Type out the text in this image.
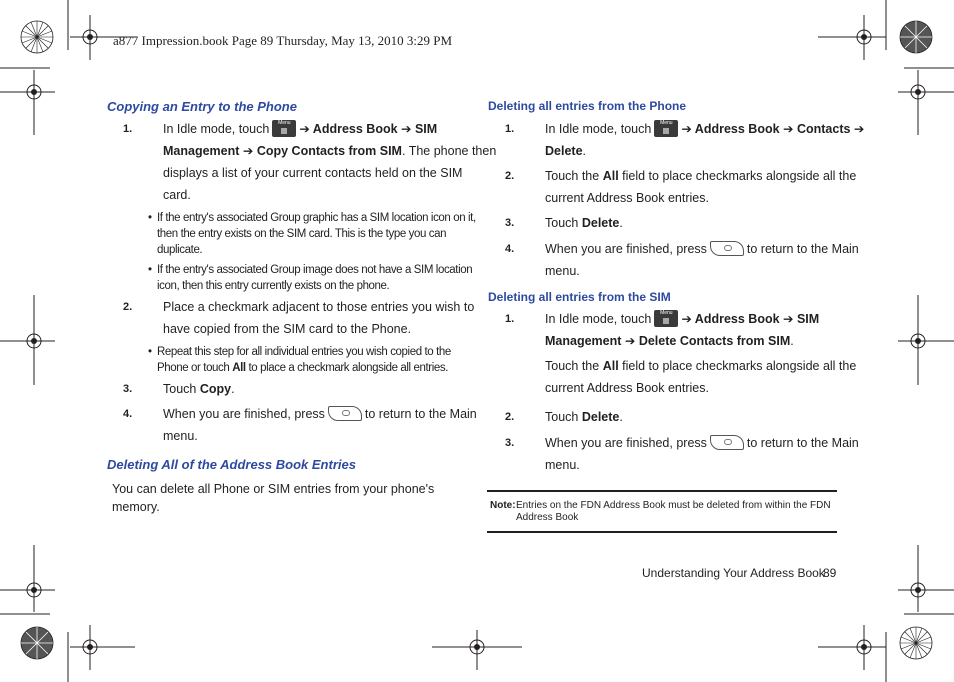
a877 Impression.book Page 89 Thursday, May 13, 2010 3:29 PM
Copying an Entry to the Phone
1. In Idle mode, touch Menu ➔ Address Book ➔ SIM
Management ➔ Copy Contacts from SIM. The phone then
displays a list of your current contacts held on the SIM
card.
• If the entry's associated Group graphic has a SIM location icon on it,
then the entry exists on the SIM card. This is the type you can
duplicate.
• If the entry's associated Group image does not have a SIM location
icon, then this entry currently exists on the phone.
2. Place a checkmark adjacent to those entries you wish to
have copied from the SIM card to the Phone.
• Repeat this step for all individual entries you wish copied to the
Phone or touch All to place a checkmark alongside all entries.
3. Touch Copy.
4. When you are finished, press	to return to the Main
menu.
Deleting All of the Address Book Entries
You can delete all Phone or SIM entries from your phone's
memory.
Deleting all entries from the Phone
1. In Idle mode, touch Menu ➔ Address Book ➔ Contacts ➔
Delete.
2. Touch the All field to place checkmarks alongside all the
current Address Book entries.
3. Touch Delete.
4. When you are finished, press	to return to the Main
menu.
Deleting all entries from the SIM
1. In Idle mode, touch Menu ➔ Address Book ➔ SIM
Management ➔ Delete Contacts from SIM.
Touch the All field to place checkmarks alongside all the
current Address Book entries.
2. Touch Delete.
3. When you are finished, press	to return to the Main
menu.
Note: Entries on the FDN Address Book must be deleted from within the FDN
Address Book
Understanding Your Address Book
89
